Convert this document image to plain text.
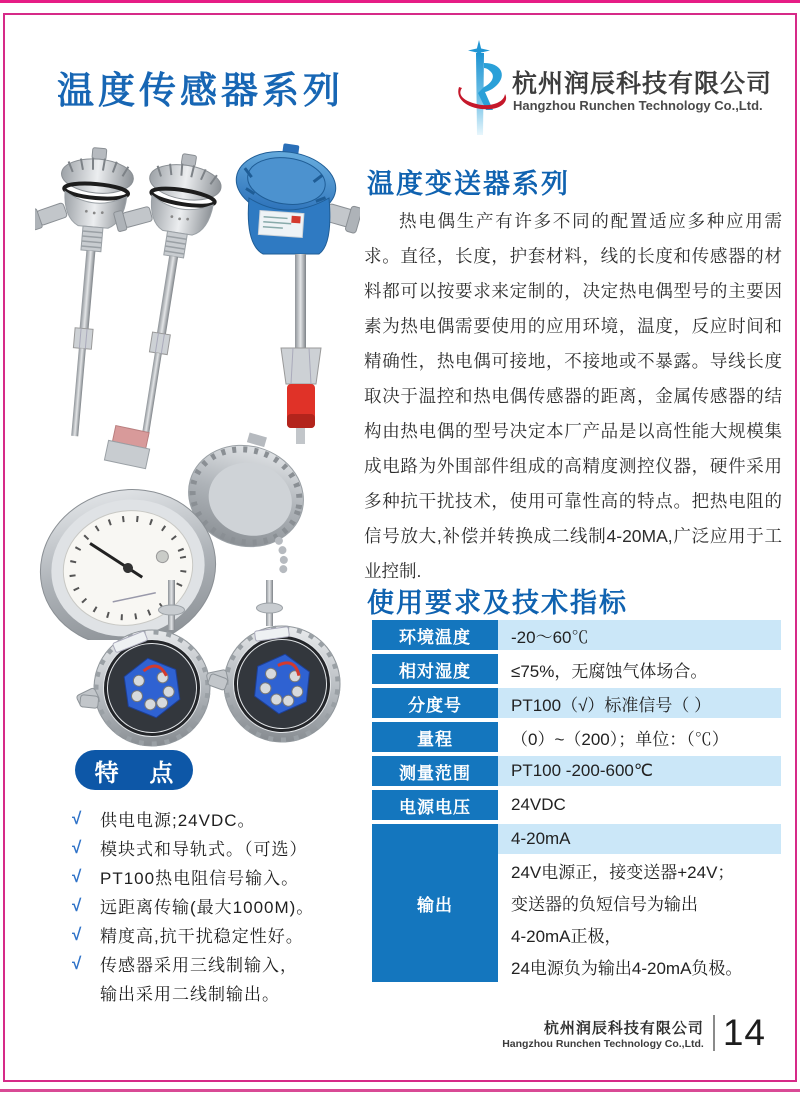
温度传感器系列	杭州润辰科技有限公司
Hangzhou Runchen Technology Co.,Ltd.
温度变送器系列
热电偶生产有许多不同的配置适应多种应用需求。直径，长度，护套材料，线的长度和传感器的材料都可以按要求来定制的，决定热电偶型号的主要因素为热电偶需要使用的应用环境，温度，反应时间和精确性，热电偶可接地，不接地或不暴露。导线长度取决于温控和热电偶传感器的距离，金属传感器的结构由热电偶的型号决定本厂产品是以高性能大规模集成电路为外围部件组成的高精度测控仪器，硬件采用多种抗干扰技术，使用可靠性高的特点。把热电阻的信号放大,补偿并转换成二线制4-20MA,广泛应用于工业控制.
使用要求及技术指标
环境温度	-20～60℃
相对湿度	≤75%，无腐蚀气体场合。
分度号	PT100（√）标准信号（ ）
量程	（0）~（200）；单位：（℃）
测量范围	PT100 -200-600℃
电源电压	24VDC
输出
4-20mA
24V电源正，接变送器+24V；
变送器的负短信号为输出
4-20mA正极，
24电源负为输出4-20mA负极。
特 点
√	供电电源;24VDC。
√	模块式和导轨式。（可选）
√	PT100热电阻信号输入。
√	远距离传输(最大1000M)。
√	精度高,抗干扰稳定性好。
√	传感器采用三线制输入，
输出采用二线制输出。
杭州润辰科技有限公司
Hangzhou Runchen Technology Co.,Ltd. 14
